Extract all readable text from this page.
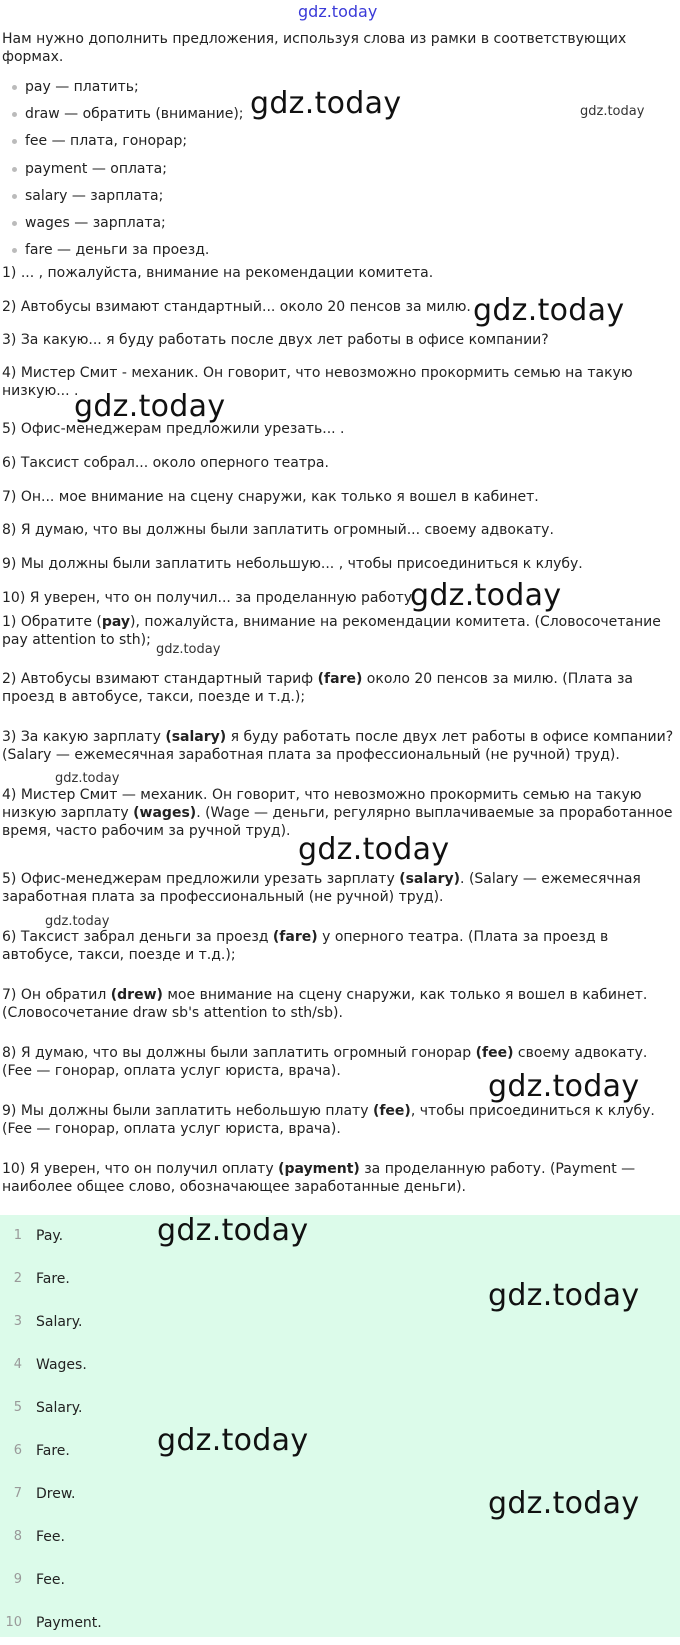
gdz.today

Нам нужно дополнить предложения, используя слова из рамки в соответствующих формах.

pay — платить;
draw — обратить (внимание);
fee — плата, гонорар;
payment — оплата;
salary — зарплата;
wages — зарплата;
fare — деньги за проезд.

1) ... , пожалуйста, внимание на рекомендации комитета.

2) Автобусы взимают стандартный... около 20 пенсов за милю.

3) За какую... я буду работать после двух лет работы в офисе компании?

4) Мистер Смит - механик. Он говорит, что невозможно прокормить семью на такую низкую... .

5) Офис-менеджерам предложили урезать... .

6) Таксист собрал... около оперного театра.

7) Он... мое внимание на сцену снаружи, как только я вошел в кабинет.

8) Я думаю, что вы должны были заплатить огромный... своему адвокату.

9) Мы должны были заплатить небольшую... , чтобы присоединиться к клубу.

10) Я уверен, что он получил... за проделанную работу.

1) Обратите (pay), пожалуйста, внимание на рекомендации комитета. (Словосочетание pay attention to sth);

2) Автобусы взимают стандартный тариф (fare) около 20 пенсов за милю. (Плата за проезд в автобусе, такси, поезде и т.д.);

3) За какую зарплату (salary) я буду работать после двух лет работы в офисе компании? (Salary — ежемесячная заработная плата за профессиональный (не ручной) труд).

4) Мистер Смит — механик. Он говорит, что невозможно прокормить семью на такую низкую зарплату (wages). (Wage — деньги, регулярно выплачиваемые за проработанное время, часто рабочим за ручной труд).

5) Офис-менеджерам предложили урезать зарплату (salary). (Salary — ежемесячная заработная плата за профессиональный (не ручной) труд).

6) Таксист забрал деньги за проезд (fare) у оперного театра. (Плата за проезд в автобусе, такси, поезде и т.д.);

7) Он обратил (drew) мое внимание на сцену снаружи, как только я вошел в кабинет. (Словосочетание draw sb's attention to sth/sb).

8) Я думаю, что вы должны были заплатить огромный гонорар (fee) своему адвокату. (Fee — гонорар, оплата услуг юриста, врача).

9) Мы должны были заплатить небольшую плату (fee), чтобы присоединиться к клубу. (Fee — гонорар, оплата услуг юриста, врача).

10) Я уверен, что он получил оплату (payment) за проделанную работу. (Payment — наиболее общее слово, обозначающее заработанные деньги).

1 Pay.
2 Fare.
3 Salary.
4 Wages.
5 Salary.
6 Fare.
7 Drew.
8 Fee.
9 Fee.
10 Payment.
gdz.today	gdz.today
gdz.today
gdz.today
gdz.today
gdz.today
gdz.today
gdz.today
gdz.today
gdz.today
gdz.today
gdz.today
gdz.today
gdz.today
